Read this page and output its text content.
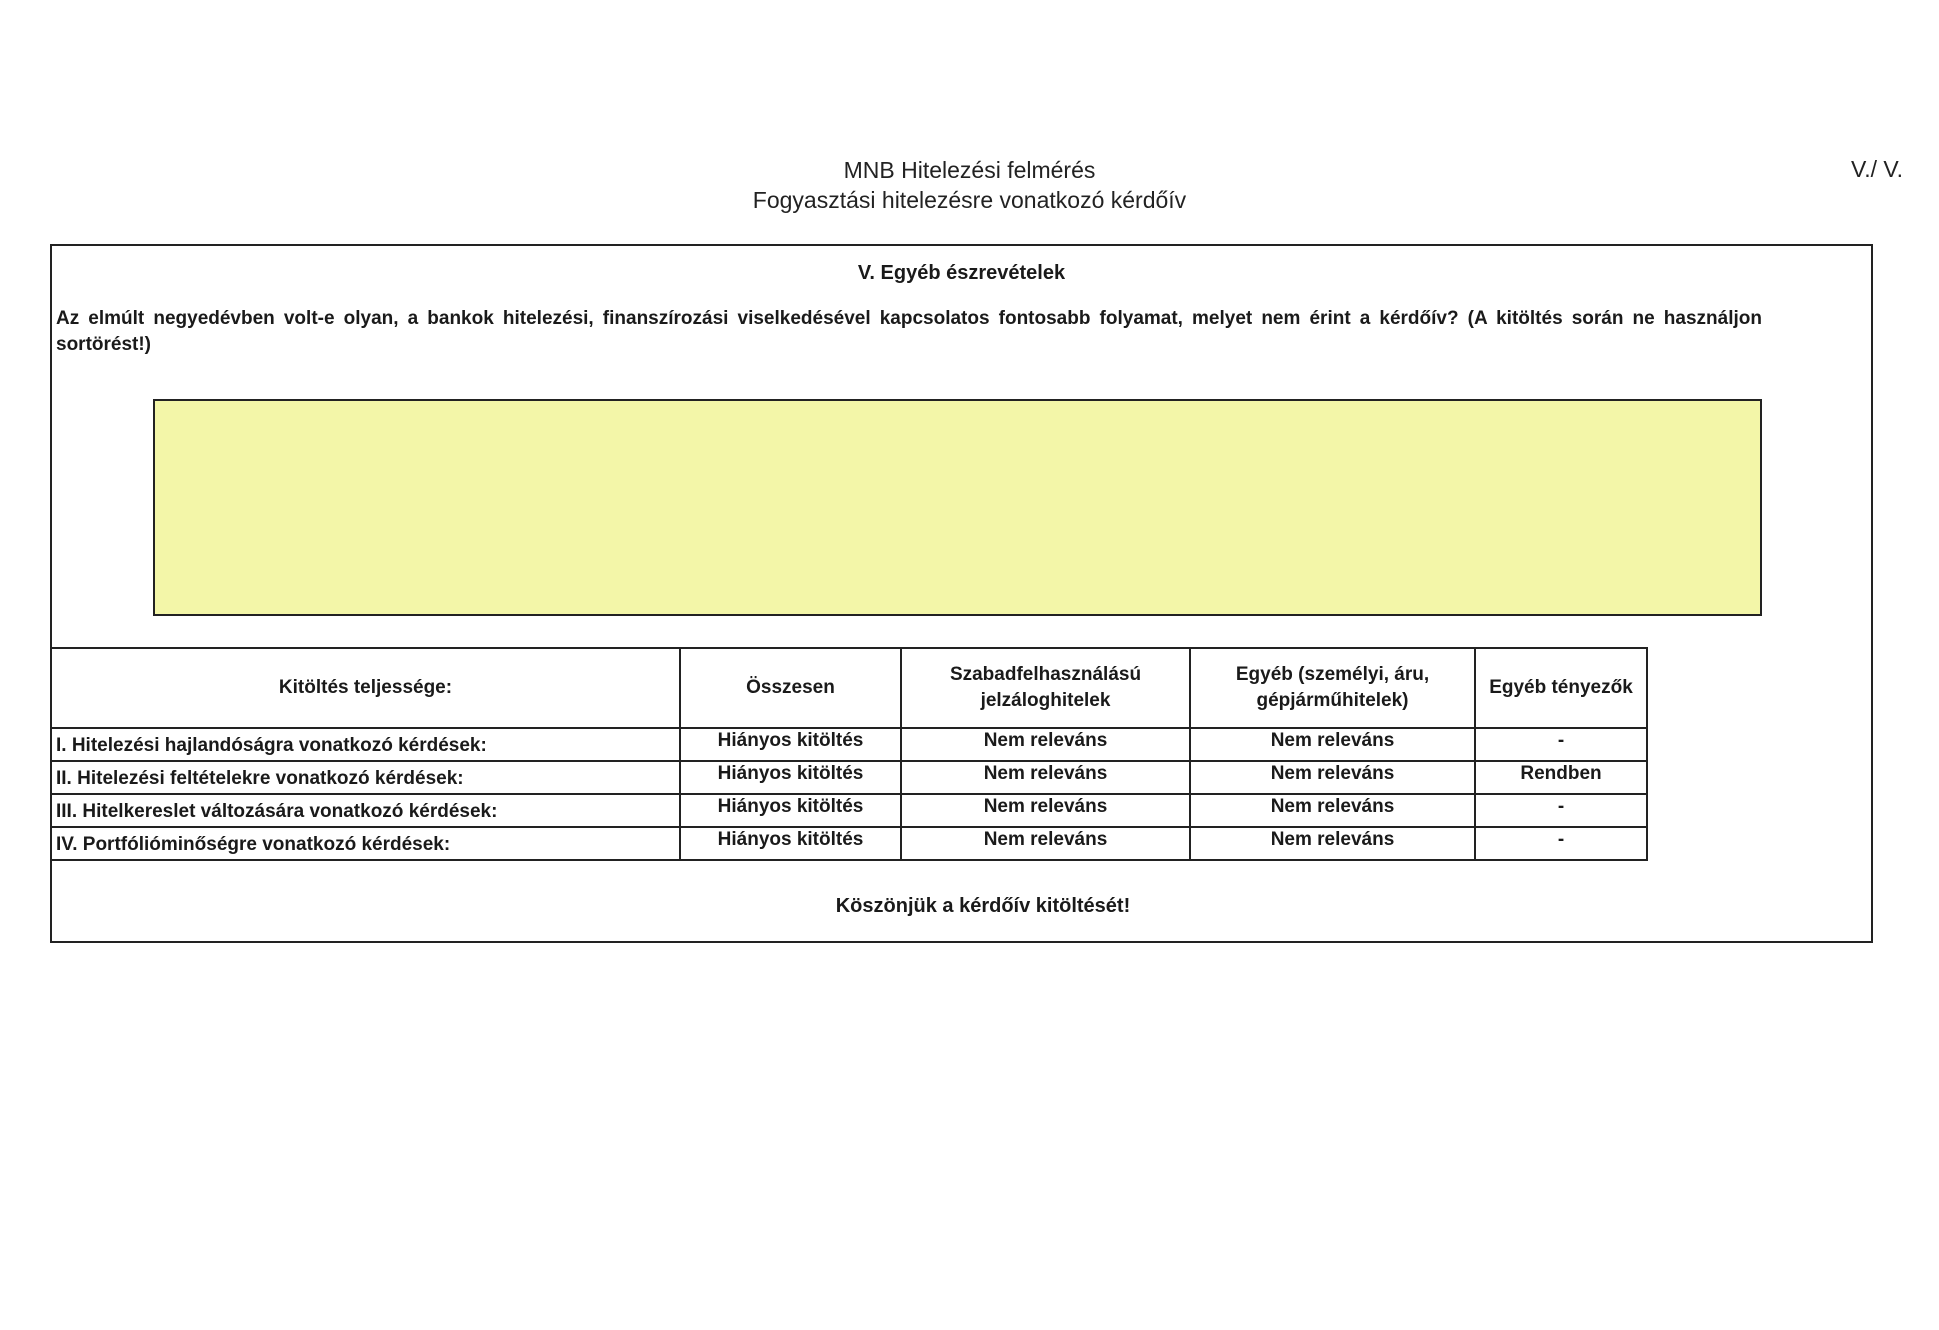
MNB Hitelezési felmérés
Fogyasztási hitelezésre vonatkozó kérdőív
V./ V.
V. Egyéb észrevételek
Az elmúlt negyedévben volt-e olyan, a bankok hitelezési, finanszírozási viselkedésével kapcsolatos fontosabb folyamat, melyet nem érint a kérdőív? (A kitöltés során ne használjon sortörést!)
Kitöltés teljessége:	Összesen	Szabadfelhasználású jelzáloghitelek	Egyéb (személyi, áru, gépjárműhitelek)	Egyéb tényezők
I. Hitelezési hajlandóságra vonatkozó kérdések:	Hiányos kitöltés	Nem releváns	Nem releváns	-
II. Hitelezési feltételekre vonatkozó kérdések:	Hiányos kitöltés	Nem releváns	Nem releváns	Rendben
III. Hitelkereslet változására vonatkozó kérdések:	Hiányos kitöltés	Nem releváns	Nem releváns	-
IV. Portfólióminőségre vonatkozó kérdések:	Hiányos kitöltés	Nem releváns	Nem releváns	-
Köszönjük a kérdőív kitöltését!
